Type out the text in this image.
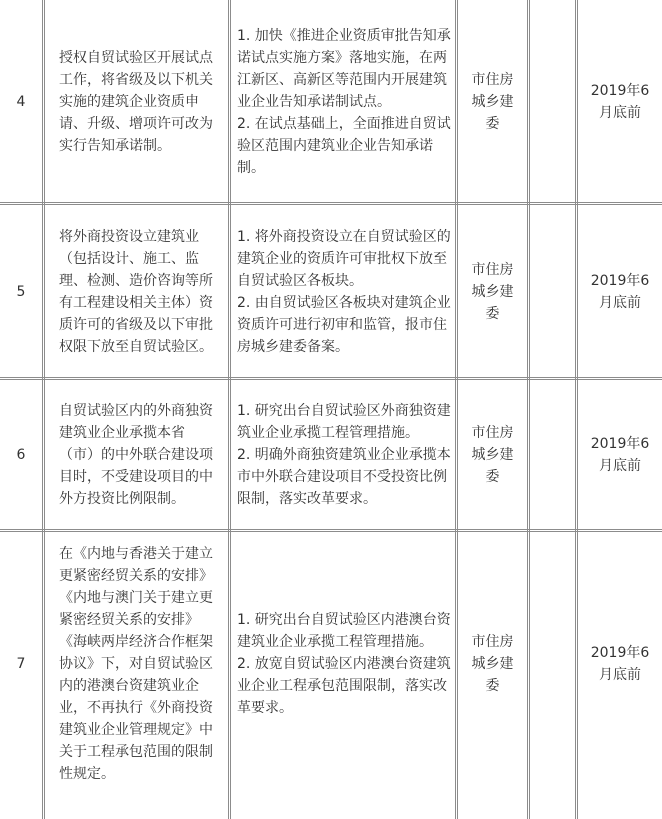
4
授权自贸试验区开展试点工作，将省级及以下机关实施的建筑企业资质申请、升级、增项许可改为实行告知承诺制。
1. 加快《推进企业资质审批告知承诺试点实施方案》落地实施，在两江新区、高新区等范围内开展建筑业企业告知承诺制试点。
2. 在试点基础上，全面推进自贸试验区范围内建筑业企业告知承诺制。
市住房城乡建委
2019年6月底前
5
将外商投资设立建筑业（包括设计、施工、监理、检测、造价咨询等所有工程建设相关主体）资质许可的省级及以下审批权限下放至自贸试验区。
1. 将外商投资设立在自贸试验区的建筑企业的资质许可审批权下放至自贸试验区各板块。
2. 由自贸试验区各板块对建筑企业资质许可进行初审和监管，报市住房城乡建委备案。
市住房城乡建委
2019年6月底前
6
自贸试验区内的外商独资建筑业企业承揽本省（市）的中外联合建设项目时，不受建设项目的中外方投资比例限制。
1. 研究出台自贸试验区外商独资建筑业企业承揽工程管理措施。
2. 明确外商独资建筑业企业承揽本市中外联合建设项目不受投资比例限制，落实改革要求。
市住房城乡建委
2019年6月底前
7
在《内地与香港关于建立更紧密经贸关系的安排》《内地与澳门关于建立更紧密经贸关系的安排》《海峡两岸经济合作框架协议》下，对自贸试验区内的港澳台资建筑业企业，不再执行《外商投资建筑业企业管理规定》中关于工程承包范围的限制性规定。
1. 研究出台自贸试验区内港澳台资建筑业企业承揽工程管理措施。
2. 放宽自贸试验区内港澳台资建筑业企业工程承包范围限制，落实改革要求。
市住房城乡建委
2019年6月底前
